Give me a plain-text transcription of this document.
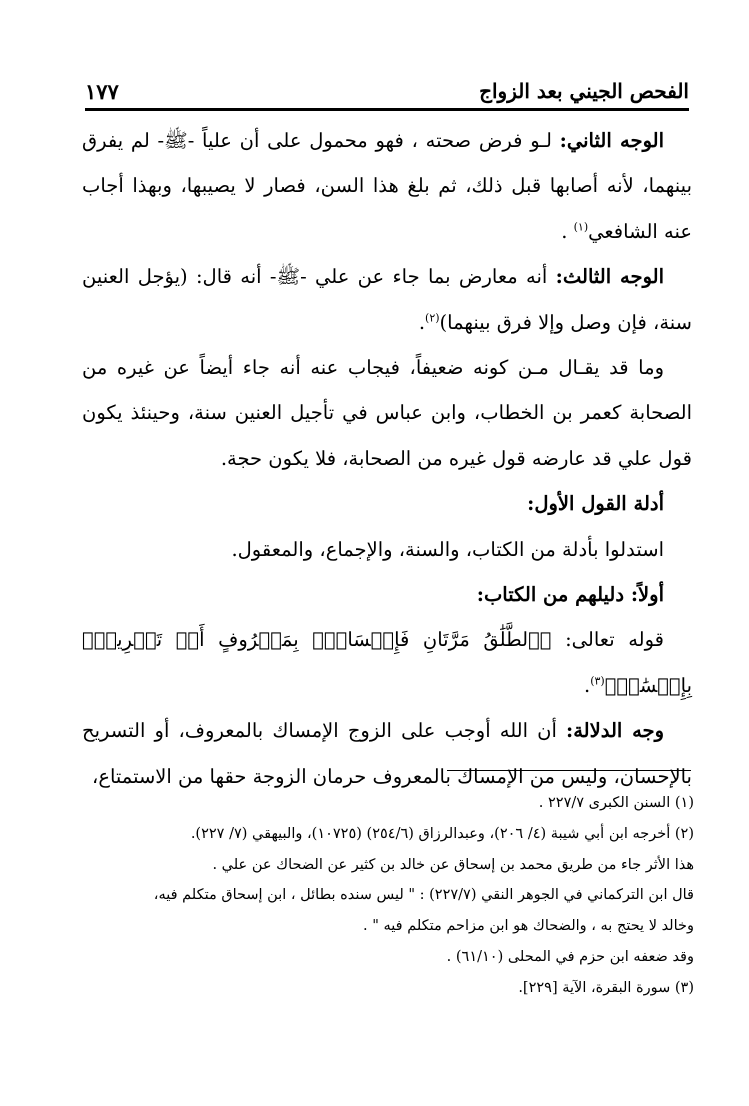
١٧٧	الفحص الجيني بعد الزواج

الوجه الثاني: لـو فرض صحته ، فهو محمول على أن علياً -ﷺ- لم يفرق بينهما، لأنه أصابها قبل ذلك، ثم بلغ هذا السن، فصار لا يصيبها، وبهذا أجاب عنه الشافعي$^{(١)}$ .

الوجه الثالث: أنه معارض بما جاء عن علي -ﷺ- أنه قال: (يؤجل العنين سنة، فإن وصل وإلا فرق بينهما)$^{(٢)}$.

وما قد يقـال مـن كونه ضعيفاً، فيجاب عنه أنه جاء أيضاً عن غيره من الصحابة كعمر بن الخطاب، وابن عباس في تأجيل العنين سنة، وحينئذ يكون قول علي قد عارضه قول غيره من الصحابة، فلا يكون حجة.

أدلة القول الأول:

استدلوا بأدلة من الكتاب، والسنة، والإجماع، والمعقول.

أولاً: دليلهم من الكتاب:

قوله تعالى: ﴿ٱلطَّلَٰقُ مَرَّتَانِ فَإِمۡسَاكُۢ بِمَعۡرُوفٍ أَوۡ تَسۡرِيحُۢ بِإِحۡسَٰنٖ﴾$^{(٣)}$.

وجه الدلالة: أن الله أوجب على الزوج الإمساك بالمعروف، أو التسريح بالإحسان، وليس من الإمساك بالمعروف حرمان الزوجة حقها من الاستمتاع،

(١) السنن الكبرى ٢٢٧/٧ .

(٢) أخرجه ابن أبي شيبة (٤/ ٢٠٦)، وعبدالرزاق (٢٥٤/٦) (١٠٧٢٥)، والبيهقي (٧/ ٢٢٧).

هذا الأثر جاء من طريق محمد بن إسحاق عن خالد بن كثير عن الضحاك عن علي .

قال ابن التركماني في الجوهر النقي (٢٢٧/٧) : " ليس سنده بطائل ، ابن إسحاق متكلم فيه،

وخالد لا يحتج به ، والضحاك هو ابن مزاحم متكلم فيه " .

وقد ضعفه ابن حزم في المحلى (٦١/١٠) .

(٣) سورة البقرة، الآية [٢٢٩].
